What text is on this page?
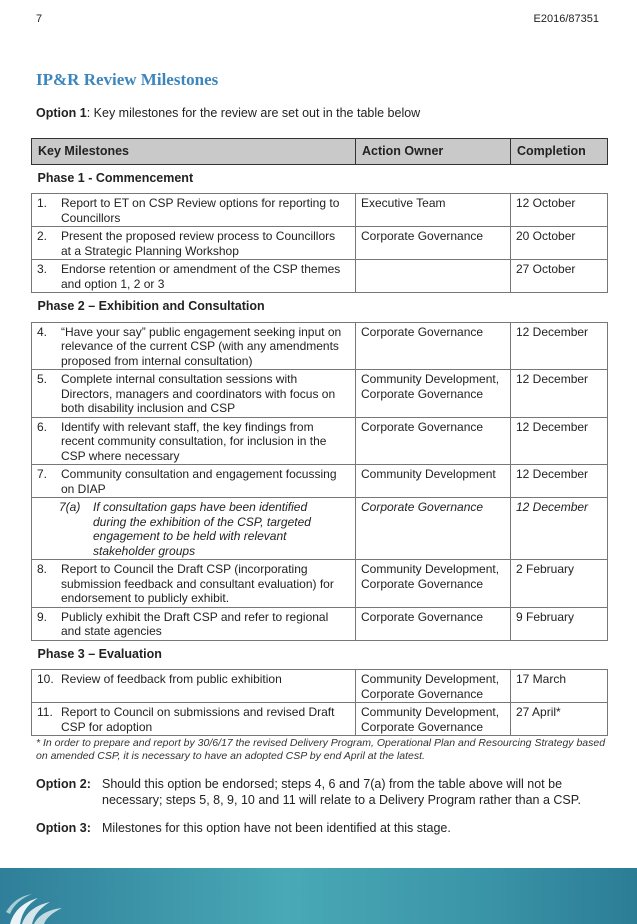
7	E2016/87351
IP&R Review Milestones
Option 1: Key milestones for the review are set out in the table below
Key Milestones	Action Owner	Completion
Phase 1 - Commencement		
1. Report to ET on CSP Review options for reporting to Councillors	Executive Team	12 October
2. Present the proposed review process to Councillors at a Strategic Planning Workshop	Corporate Governance	20 October
3. Endorse retention or amendment of the CSP themes and option 1, 2 or 3		27 October
Phase 2 – Exhibition and Consultation		
4. “Have your say” public engagement seeking input on relevance of the current CSP (with any amendments proposed from internal consultation)	Corporate Governance	12 December
5. Complete internal consultation sessions with Directors, managers and coordinators with focus on both disability inclusion and CSP	Community Development, Corporate Governance	12 December
6. Identify with relevant staff, the key findings from recent community consultation, for inclusion in the CSP where necessary	Corporate Governance	12 December
7. Community consultation and engagement focussing on DIAP	Community Development	12 December
7(a) If consultation gaps have been identified during the exhibition of the CSP, targeted engagement to be held with relevant stakeholder groups	Corporate Governance	12 December
8. Report to Council the Draft CSP (incorporating submission feedback and consultant evaluation) for endorsement to publicly exhibit.	Community Development, Corporate Governance	2 February
9. Publicly exhibit the Draft CSP and refer to regional and state agencies	Corporate Governance	9 February
Phase 3 – Evaluation		
10. Review of feedback from public exhibition	Community Development, Corporate Governance	17 March
11. Report to Council on submissions and revised Draft CSP for adoption	Community Development, Corporate Governance	27 April*
* In order to prepare and report by 30/6/17 the revised Delivery Program, Operational Plan and Resourcing Strategy based on amended CSP, it is necessary to have an adopted CSP by end April at the latest.
Option 2: Should this option be endorsed; steps 4, 6 and 7(a) from the table above will not be necessary; steps 5, 8, 9, 10 and 11 will relate to a Delivery Program rather than a CSP.
Option 3: Milestones for this option have not been identified at this stage.
